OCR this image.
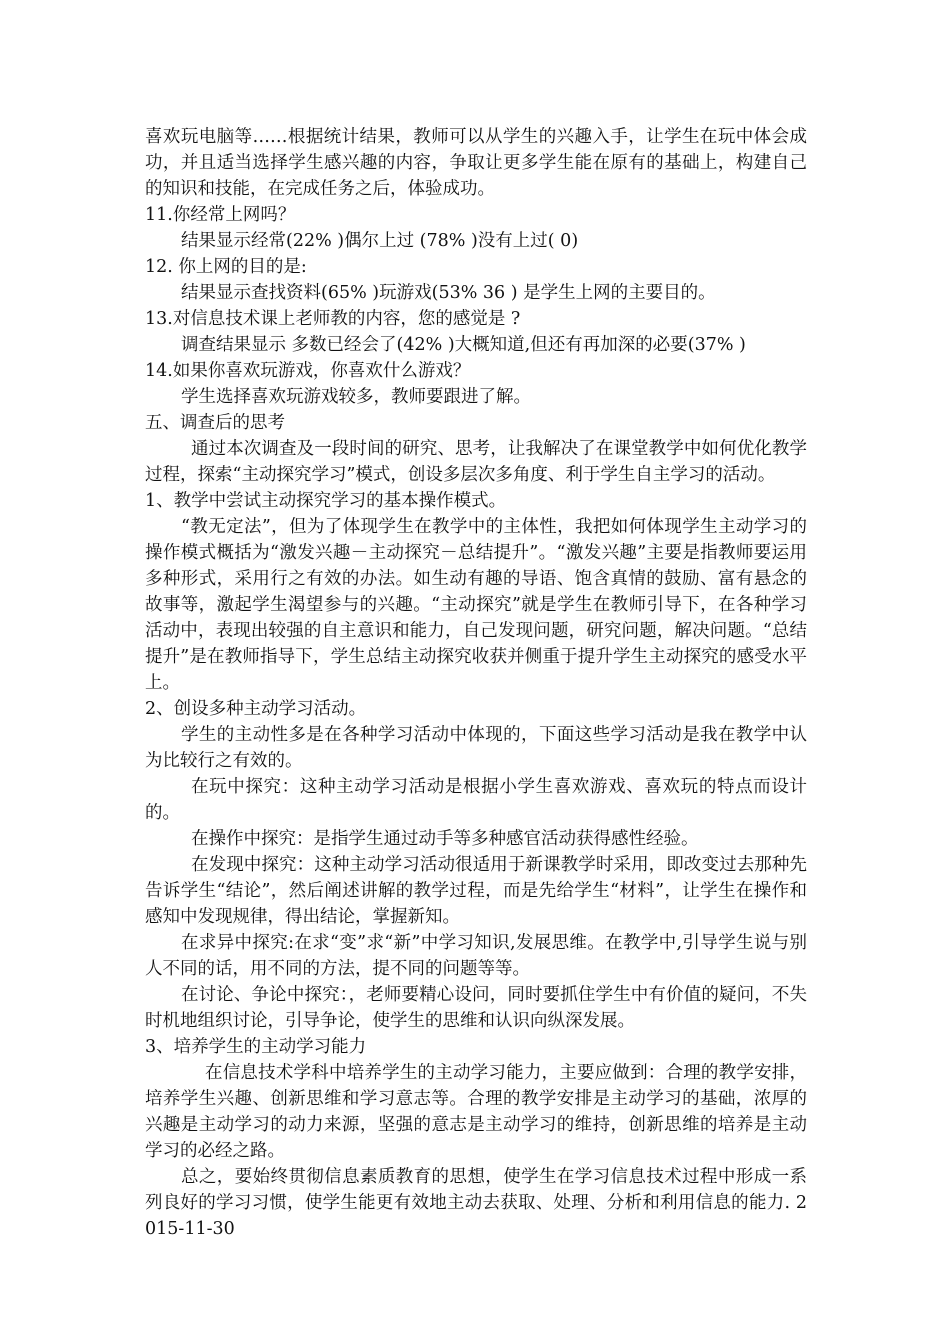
喜欢玩电脑等……根据统计结果，教师可以从学生的兴趣入手，让学生在玩中体会成功，并且适当选择学生感兴趣的内容，争取让更多学生能在原有的基础上，构建自己的知识和技能，在完成任务之后，体验成功。

11.你经常上网吗？

结果显示经常(22% )偶尔上过 (78% )没有上过( 0)

12. 你上网的目的是:

结果显示查找资料(65% )玩游戏(53% 36 ) 是学生上网的主要目的。

13.对信息技术课上老师教的内容，您的感觉是 ?

调查结果显示 多数已经会了(42% )大概知道,但还有再加深的必要(37% )

14.如果你喜欢玩游戏，你喜欢什么游戏？

学生选择喜欢玩游戏较多，教师要跟进了解。

五、调查后的思考

通过本次调查及一段时间的研究、思考，让我解决了在课堂教学中如何优化教学过程，探索“主动探究学习”模式，创设多层次多角度、利于学生自主学习的活动。

1、教学中尝试主动探究学习的基本操作模式。

“教无定法”，但为了体现学生在教学中的主体性，我把如何体现学生主动学习的操作模式概括为“激发兴趣－主动探究－总结提升”。“激发兴趣”主要是指教师要运用多种形式，采用行之有效的办法。如生动有趣的导语、饱含真情的鼓励、富有悬念的故事等，激起学生渴望参与的兴趣。“主动探究”就是学生在教师引导下，在各种学习活动中，表现出较强的自主意识和能力，自己发现问题，研究问题，解决问题。“总结提升”是在教师指导下，学生总结主动探究收获并侧重于提升学生主动探究的感受水平上。

2、创设多种主动学习活动。

学生的主动性多是在各种学习活动中体现的，下面这些学习活动是我在教学中认为比较行之有效的。

在玩中探究：这种主动学习活动是根据小学生喜欢游戏、喜欢玩的特点而设计的。

在操作中探究：是指学生通过动手等多种感官活动获得感性经验。

在发现中探究：这种主动学习活动很适用于新课教学时采用，即改变过去那种先告诉学生“结论”，然后阐述讲解的教学过程，而是先给学生“材料”，让学生在操作和感知中发现规律，得出结论，掌握新知。

在求异中探究:在求“变”求“新”中学习知识,发展思维。在教学中,引导学生说与别人不同的话，用不同的方法，提不同的问题等等。

在讨论、争论中探究：，老师要精心设问，同时要抓住学生中有价值的疑问，不失时机地组织讨论，引导争论，使学生的思维和认识向纵深发展。

3、培养学生的主动学习能力

在信息技术学科中培养学生的主动学习能力，主要应做到：合理的教学安排，培养学生兴趣、创新思维和学习意志等。合理的教学安排是主动学习的基础，浓厚的兴趣是主动学习的动力来源，坚强的意志是主动学习的维持，创新思维的培养是主动学习的必经之路。

总之，要始终贯彻信息素质教育的思想，使学生在学习信息技术过程中形成一系列良好的学习习惯，使学生能更有效地主动去获取、处理、分析和利用信息的能力. 2015-11-30
